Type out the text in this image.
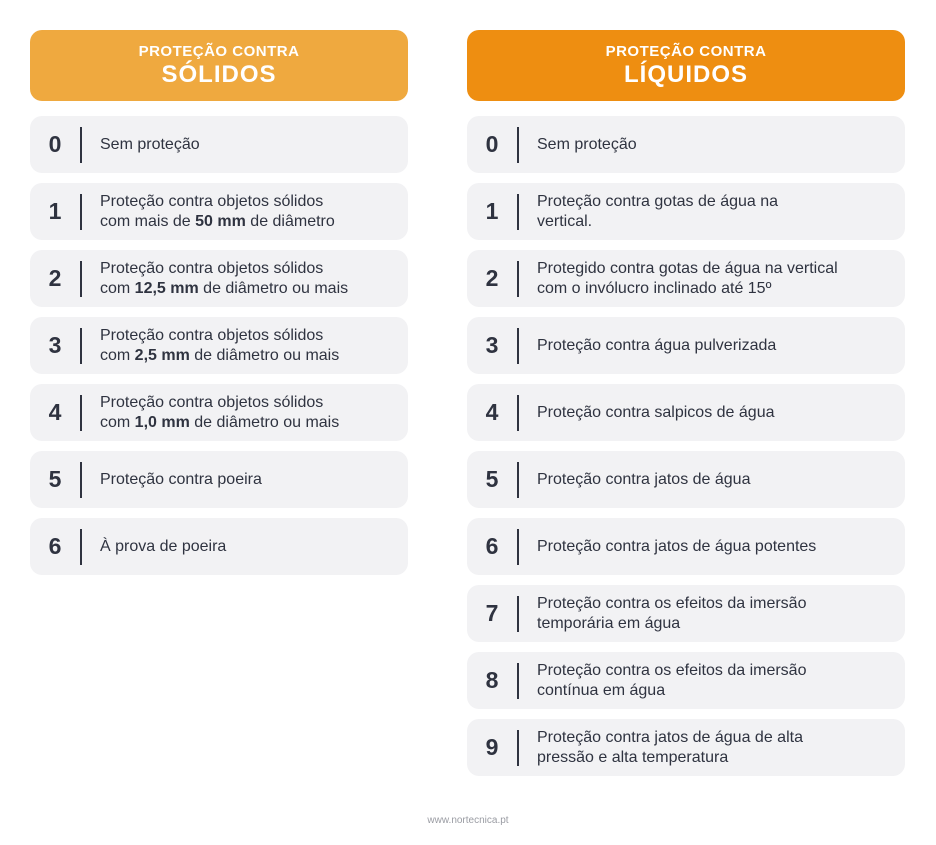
PROTEÇÃO CONTRA
SÓLIDOS
0	Sem proteção
1	Proteção contra objetos sólidos
com mais de 50 mm de diâmetro
2	Proteção contra objetos sólidos
com 12,5 mm de diâmetro ou mais
3	Proteção contra objetos sólidos
com 2,5 mm de diâmetro ou mais
4	Proteção contra objetos sólidos
com 1,0 mm de diâmetro ou mais
5	Proteção contra poeira
6	À prova de poeira
PROTEÇÃO CONTRA
LÍQUIDOS
0	Sem proteção
1	Proteção contra gotas de água na
vertical.
2	Protegido contra gotas de água na vertical
com o invólucro inclinado até 15º
3	Proteção contra água pulverizada
4	Proteção contra salpicos de água
5	Proteção contra jatos de água
6	Proteção contra jatos de água potentes
7	Proteção contra os efeitos da imersão
temporária em água
8	Proteção contra os efeitos da imersão
contínua em água
9	Proteção contra jatos de água de alta
pressão e alta temperatura
www.nortecnica.pt
